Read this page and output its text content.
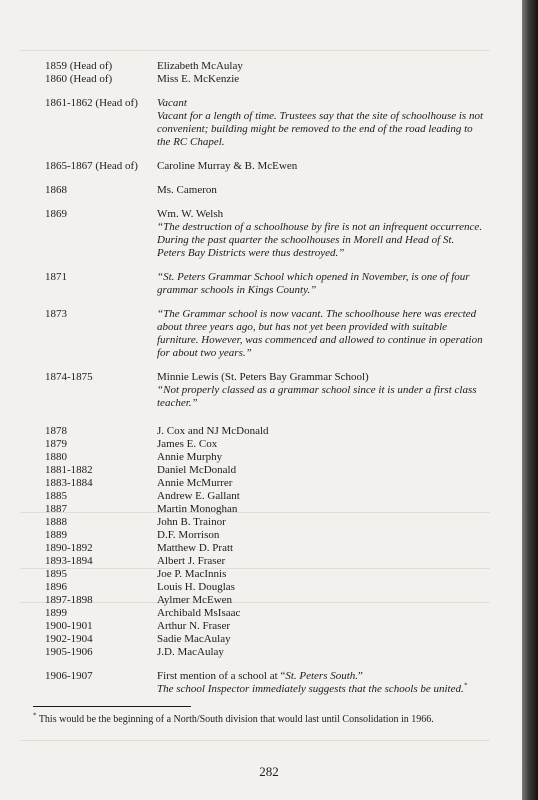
1859 (Head of)	Elizabeth McAulay
1860 (Head of)	Miss E. McKenzie
1861-1862 (Head of)	Vacant
Vacant for a length of time. Trustees say that the site of schoolhouse is not convenient; building might be removed to the end of the road leading to the RC Chapel.
1865-1867 (Head of)	Caroline Murray & B. McEwen
1868	Ms. Cameron
1869	Wm. W. Welsh
“The destruction of a schoolhouse by fire is not an infrequent occurrence. During the past quarter the schoolhouses in Morell and Head of St. Peters Bay Districts were thus destroyed.”
1871	“St. Peters Grammar School which opened in November, is one of four grammar schools in Kings County.”
1873	“The Grammar school is now vacant. The schoolhouse here was erected about three years ago, but has not yet been provided with suitable furniture. However, was commenced and allowed to continue in operation for about two years.”
1874-1875	Minnie Lewis (St. Peters Bay Grammar School)
“Not properly classed as a grammar school since it is under a first class teacher.”
1878	J. Cox and NJ McDonald
1879	James E. Cox
1880	Annie Murphy
1881-1882	Daniel McDonald
1883-1884	Annie McMurrer
1885	Andrew E. Gallant
1887	Martin Monoghan
1888	John B. Trainor
1889	D.F. Morrison
1890-1892	Matthew D. Pratt
1893-1894	Albert J. Fraser
1895	Joe P. MacInnis
1896	Louis H. Douglas
1897-1898	Aylmer McEwen
1899	Archibald MsIsaac
1900-1901	Arthur N. Fraser
1902-1904	Sadie MacAulay
1905-1906	J.D. MacAulay
1906-1907	First mention of a school at “St. Peters South.”
The school Inspector immediately suggests that the schools be united.*
* This would be the beginning of a North/South division that would last until Consolidation in 1966.
282
